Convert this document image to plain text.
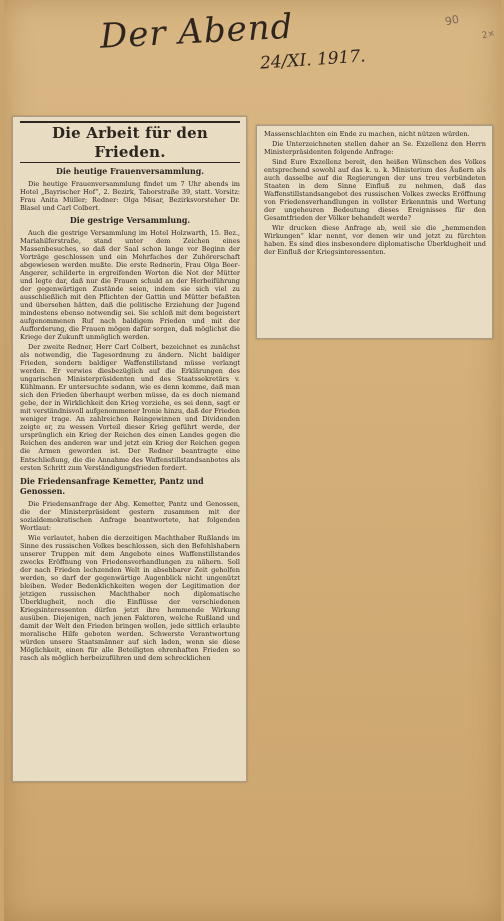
90
2×
Der Abend
24/XI. 1917.
Die Arbeit für den Frieden.
Die heutige Frauenversammlung.

Die heutige Frauenversammlung findet um 7 Uhr abends im Hotel „Bayrischer Hof“, 2. Bezirk, Taborstraße 39, statt. Vorsitz: Frau Anita Müller; Redner: Olga Misar, Bezirksvorsteher Dr. Blasel und Carl Colbert.

Die gestrige Versammlung.

Auch die gestrige Versammlung im Hotel Holzwarth, 15. Bez., Mariahilferstraße, stand unter dem Zeichen eines Massenbesuches, so daß der Saal schon lange vor Beginn der Vorträge geschlossen und ein Mehrfaches der Zuhörerschaft abgewiesen werden mußte. Die erste Rednerin, Frau Olga Beer-Angerer, schilderte in ergreifenden Worten die Not der Mütter und legte dar, daß nur die Frauen schuld an der Herbeiführung der gegenwärtigen Zustände seien, indem sie sich viel zu ausschließlich mit den Pflichten der Gattin und Mütter befaßten und übersehen hätten, daß die politische Erziehung der Jugend mindestens ebenso notwendig sei. Sie schloß mit dem begeistert aufgenommenen Ruf nach baldigem Frieden und mit der Aufforderung, die Frauen mögen dafür sorgen, daß möglichst die Kriege der Zukunft unmöglich werden.

Der zweite Redner, Herr Carl Colbert, bezeichnet es zunächst als notwendig, die Tagesordnung zu ändern. Nicht baldiger Frieden, sondern baldiger Waffenstillstand müsse verlangt werden. Er verwies diesbezüglich auf die Erklärungen des ungarischen Ministerpräsidenten und des Staatssekretärs v. Kühlmann. Er untersuchte sodann, wie es denn komme, daß man sich den Frieden überhaupt werben müsse, da es doch niemand gebe, der in Wirklichkeit den Krieg vorziehe, es sei denn, sagt er mit verständnisvoll aufgenommener Ironie hinzu, daß der Frieden weniger trage. An zahlreichen Reingewinnen und Dividenden zeigte er, zu wessen Vorteil dieser Krieg geführt werde, der ursprünglich ein Krieg der Reichen des einen Landes gegen die Reichen des anderen war und jetzt ein Krieg der Reichen gegen die Armen geworden ist. Der Redner beantragte eine Entschließung, die die Annahme des Waffenstillstandsanbotes als ersten Schritt zum Verständigungsfrieden fordert.

Die Friedensanfrage Kemetter, Pantz und Genossen.

Die Friedensanfrage der Abg. Kemetter, Pantz und Genossen, die der Ministerpräsident gestern zusammen mit der sozialdemokratischen Anfrage beantwortete, hat folgenden Wortlaut:

Wie verlautet, haben die derzeitigen Machthaber Rußlands im Sinne des russischen Volkes beschlossen, sich den Befehlshabern unserer Truppen mit dem Angebote eines Waffenstillstandes zwecks Eröffnung von Friedensverhandlungen zu nähern. Soll der nach Frieden lechzenden Welt in absehbarer Zeit geholfen werden, so darf der gegenwärtige Augenblick nicht ungenützt bleiben. Weder Bedenklichkeiten wegen der Legitimation der jetzigen russischen Machthaber noch diplomatische Überklugheit, noch die Einflüsse der verschiedenen Kriegsinteressenten dürfen jetzt ihre hemmende Wirkung ausüben. Diejenigen, nach jenen Faktoren, welche Rußland und damit der Welt den Frieden bringen wollen, jede sittlich erlaubte moralische Hilfe geboten werden. Schwerste Verantwortung würden unsere Staatsmänner auf sich laden, wenn sie diese Möglichkeit, einen für alle Beteiligten ehrenhaften Frieden so rasch als möglich herbeizuführen und dem schrecklichen

Massenschlachten ein Ende zu machen, nicht nützen würden.

Die Unterzeichneten stellen daher an Se. Exzellenz den Herrn Ministerpräsidenten folgende Anfrage:

Sind Eure Exzellenz bereit, den heißen Wünschen des Volkes entsprechend sowohl auf das k. u. k. Ministerium des Äußern als auch dasselbe auf die Regierungen der uns treu verbündeten Staaten in dem Sinne Einfluß zu nehmen, daß das Waffenstillstandsangebot des russischen Volkes zwecks Eröffnung von Friedensverhandlungen in vollster Erkenntnis und Wertung der ungeheuren Bedeutung dieses Ereignisses für den Gesamtfrieden der Völker behandelt werde?

Wir drucken diese Anfrage ab, weil sie die „hemmenden Wirkungen“ klar nennt, vor denen wir und jetzt zu fürchten haben. Es sind dies insbesondere diplomatische Überklugheit und der Einfluß der Kriegsinteressenten.
